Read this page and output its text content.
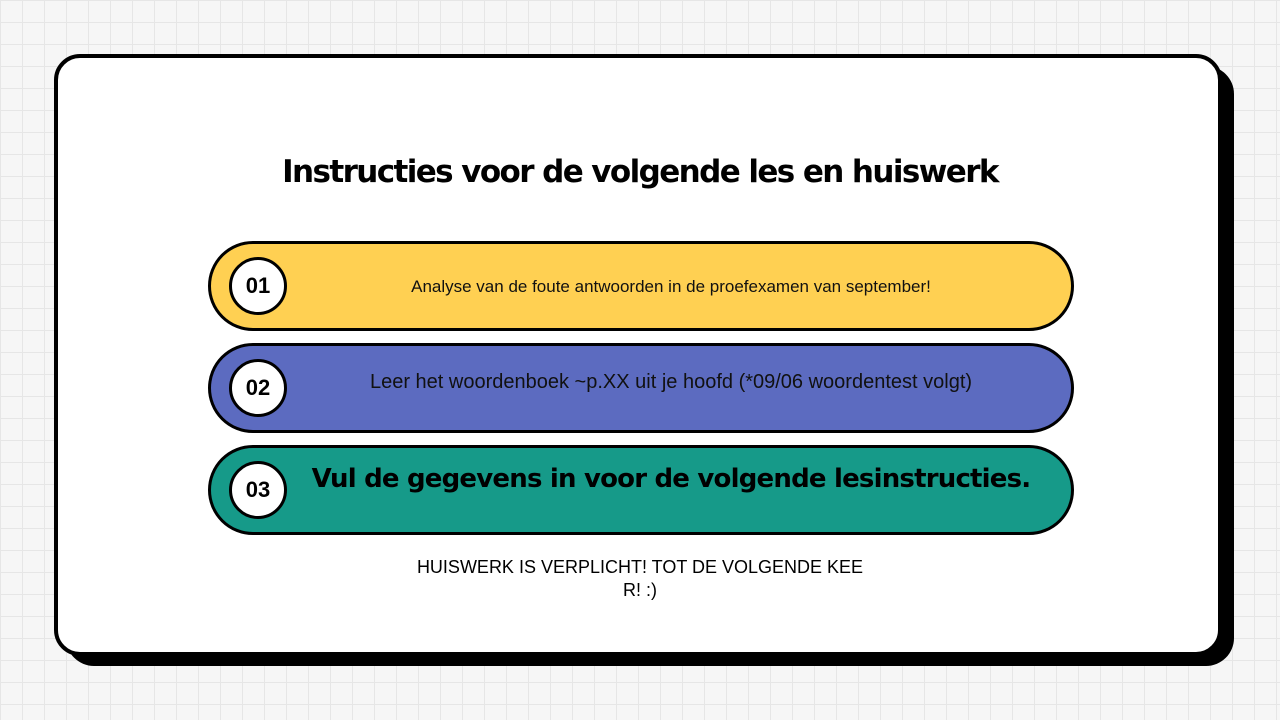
Instructies voor de volgende les en huiswerk
01	Analyse van de foute antwoorden in de proefexamen van september!
02	Leer het woordenboek ~p.XX uit je hoofd (*09/06 woordentest volgt)
03	Vul de gegevens in voor de volgende lesinstructies.
HUISWERK IS VERPLICHT! TOT DE VOLGENDE KEER! :)
